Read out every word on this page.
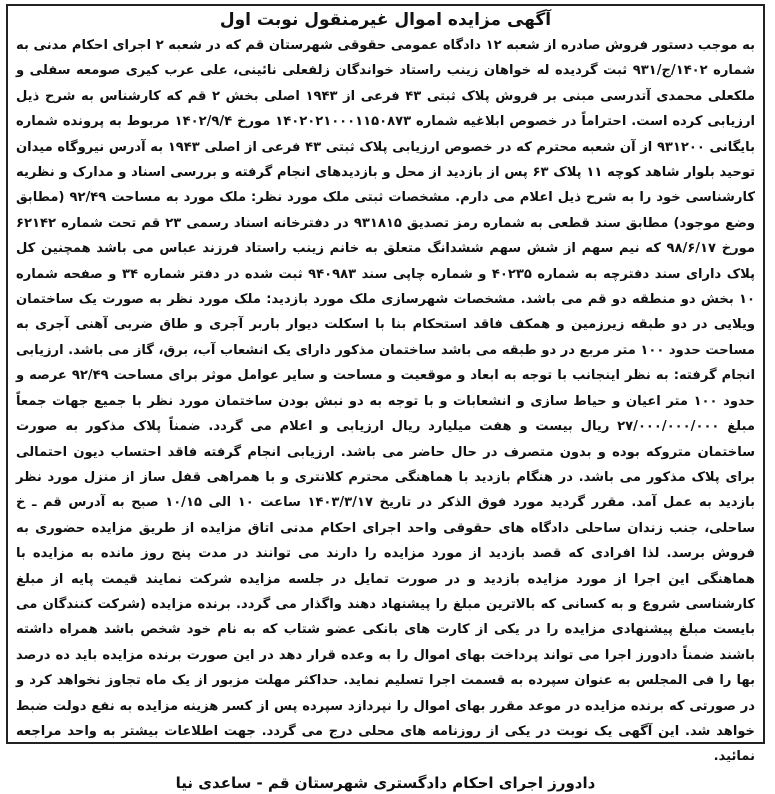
آگهی مزایده اموال غیرمنقول نوبت اول

به موجب دستور فروش صادره از شعبه ۱۲ دادگاه عمومی حقوقی شهرستان قم که در شعبه ۲ اجرای احکام مدنی به شماره ۱۴۰۲/ج/۹۳۱ ثبت گردیده له خواهان زینب راستاد خواندگان زلفعلی نائینی، علی عرب کیری صومعه سفلی و ملکعلی محمدی آتدرسی مبنی بر فروش پلاک ثبتی ۴۳ فرعی از ۱۹۴۳ اصلی بخش ۲ قم که کارشناس به شرح ذیل ارزیابی کرده است. احتراماً در خصوص ابلاغیه شماره ۱۴۰۲۰۲۱۰۰۰۱۱۵۰۸۷۳ مورخ ۱۴۰۲/۹/۴ مربوط به پرونده شماره بایگانی ۹۳۱۲۰۰ از آن شعبه محترم که در خصوص ارزیابی پلاک ثبتی ۴۳ فرعی از اصلی ۱۹۴۳ به آدرس نیروگاه میدان توحید بلوار شاهد کوچه ۱۱ پلاک ۶۳ پس از بازدید از محل و بازدیدهای انجام گرفته و بررسی اسناد و مدارک و نظریه کارشناسی خود را به شرح ذیل اعلام می دارم. مشخصات ثبتی ملک مورد نظر: ملک مورد به مساحت ۹۲/۴۹ (مطابق وضع موجود) مطابق سند قطعی به شماره رمز تصدیق ۹۳۱۸۱۵ در دفترخانه اسناد رسمی ۲۳ قم تحت شماره ۶۲۱۴۲ مورخ ۹۸/۶/۱۷ که نیم سهم از شش سهم ششدانگ متعلق به خانم زینب راستاد فرزند عباس می باشد همچنین کل پلاک دارای سند دفترچه به شماره ۴۰۲۳۵ و شماره چاپی سند ۹۴۰۹۸۳ ثبت شده در دفتر شماره ۳۴ و صفحه شماره ۱۰ بخش دو منطقه دو قم می باشد. مشخصات شهرسازی ملک مورد بازدید: ملک مورد نظر به صورت یک ساختمان ویلایی در دو طبقه زیرزمین و همکف فاقد استحکام بنا با اسکلت دیوار باربر آجری و طاق ضربی آهنی آجری به مساحت حدود ۱۰۰ متر مربع در دو طبقه می باشد ساختمان مذکور دارای یک انشعاب آب، برق، گاز می باشد. ارزیابی انجام گرفته: به نظر اینجانب با توجه به ابعاد و موقعیت و مساحت و سایر عوامل موثر برای مساحت ۹۲/۴۹ عرصه و حدود ۱۰۰ متر اعیان و حیاط سازی و انشعابات و با توجه به دو نبش بودن ساختمان مورد نظر با جمیع جهات جمعاً مبلغ ۲۷/۰۰۰/۰۰۰/۰۰۰ ریال بیست و هفت میلیارد ریال ارزیابی و اعلام می گردد. ضمناً پلاک مذکور به صورت ساختمان متروکه بوده و بدون متصرف در حال حاضر می باشد. ارزیابی انجام گرفته فاقد احتساب دیون احتمالی برای پلاک مذکور می باشد. در هنگام بازدید با هماهنگی محترم کلانتری و با همراهی قفل ساز از منزل مورد نظر بازدید به عمل آمد. مقرر گردید مورد فوق الذکر در تاریخ ۱۴۰۳/۳/۱۷ ساعت ۱۰ الی ۱۰/۱۵ صبح به آدرس قم ـ خ ساحلی، جنب زندان ساحلی دادگاه های حقوقی واحد اجرای احکام مدنی اتاق مزایده از طریق مزایده حضوری به فروش برسد. لذا افرادی که قصد بازدید از مورد مزایده را دارند می توانند در مدت پنج روز مانده به مزایده با هماهنگی این اجرا از مورد مزایده بازدید و در صورت تمایل در جلسه مزایده شرکت نمایند قیمت پایه از مبلغ کارشناسی شروع و به کسانی که بالاترین مبلغ را پیشنهاد دهند واگذار می گردد. برنده مزایده (شرکت کنندگان می بایست مبلغ پیشنهادی مزایده را در یکی از کارت های بانکی عضو شتاب که به نام خود شخص باشد همراه داشته باشند ضمناً دادورز اجرا می تواند پرداخت بهای اموال را به وعده قرار دهد در این صورت برنده مزایده باید ده درصد بها را فی المجلس به عنوان سپرده به قسمت اجرا تسلیم نماید. حداکثر مهلت مزبور از یک ماه تجاوز نخواهد کرد و در صورتی که برنده مزایده در موعد مقرر بهای اموال را نپردازد سپرده پس از کسر هزینه مزایده به نفع دولت ضبط خواهد شد. این آگهی یک نوبت در یکی از روزنامه های محلی درج می گردد. جهت اطلاعات بیشتر به واحد مراجعه نمائید.

دادورز اجرای احکام دادگستری شهرستان قم - ساعدی نیا
